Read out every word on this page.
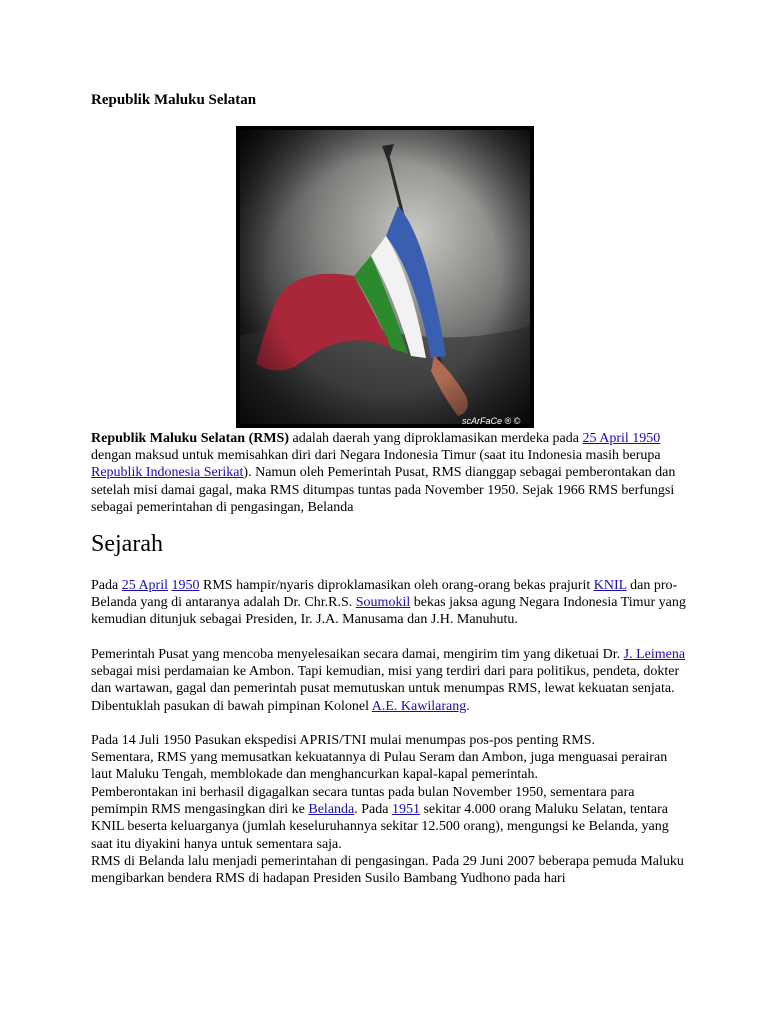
Republik Maluku Selatan
scArFaCe ® ©

Republik Maluku Selatan (RMS) adalah daerah yang diproklamasikan merdeka pada 25 April 1950 dengan maksud untuk memisahkan diri dari Negara Indonesia Timur (saat itu Indonesia masih berupa Republik Indonesia Serikat). Namun oleh Pemerintah Pusat, RMS dianggap sebagai pemberontakan dan setelah misi damai gagal, maka RMS ditumpas tuntas pada November 1950. Sejak 1966 RMS berfungsi sebagai pemerintahan di pengasingan, Belanda

Sejarah

Pada 25 April 1950 RMS hampir/nyaris diproklamasikan oleh orang-orang bekas prajurit KNIL dan pro-Belanda yang di antaranya adalah Dr. Chr.R.S. Soumokil bekas jaksa agung Negara Indonesia Timur yang kemudian ditunjuk sebagai Presiden, Ir. J.A. Manusama dan J.H. Manuhutu.

Pemerintah Pusat yang mencoba menyelesaikan secara damai, mengirim tim yang diketuai Dr. J. Leimena sebagai misi perdamaian ke Ambon. Tapi kemudian, misi yang terdiri dari para politikus, pendeta, dokter dan wartawan, gagal dan pemerintah pusat memutuskan untuk menumpas RMS, lewat kekuatan senjata. Dibentuklah pasukan di bawah pimpinan Kolonel A.E. Kawilarang.

Pada 14 Juli 1950 Pasukan ekspedisi APRIS/TNI mulai menumpas pos-pos penting RMS.

Sementara, RMS yang memusatkan kekuatannya di Pulau Seram dan Ambon, juga menguasai perairan laut Maluku Tengah, memblokade dan menghancurkan kapal-kapal pemerintah.

Pemberontakan ini berhasil digagalkan secara tuntas pada bulan November 1950, sementara para pemimpin RMS mengasingkan diri ke Belanda. Pada 1951 sekitar 4.000 orang Maluku Selatan, tentara KNIL beserta keluarganya (jumlah keseluruhannya sekitar 12.500 orang), mengungsi ke Belanda, yang saat itu diyakini hanya untuk sementara saja.

RMS di Belanda lalu menjadi pemerintahan di pengasingan. Pada 29 Juni 2007 beberapa pemuda Maluku mengibarkan bendera RMS di hadapan Presiden Susilo Bambang Yudhono pada hari
